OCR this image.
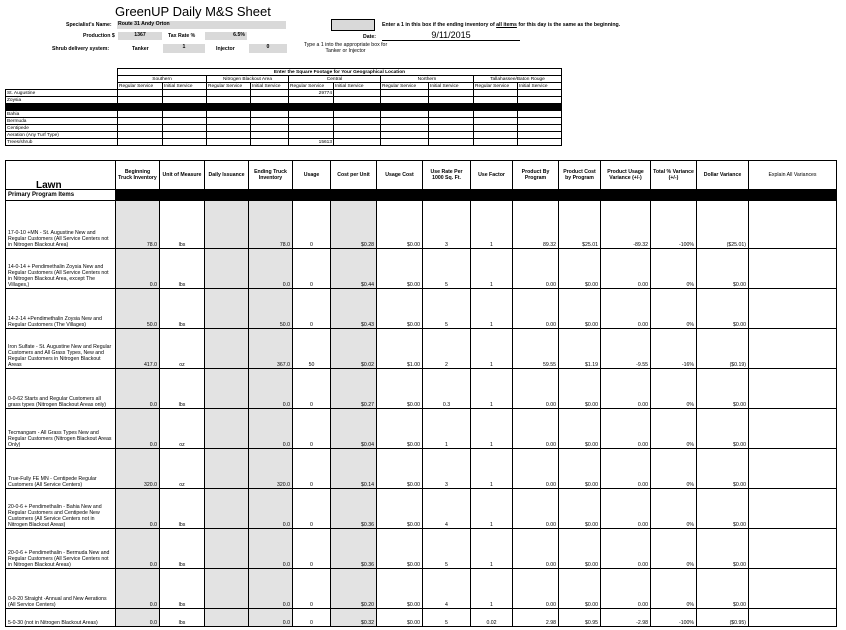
GreenUP Daily M&S Sheet
Specialist's Name: Route 31 Andy Orton
Production $	1367	Tax Rate %	6.5%
Shrub delivery system:	Tanker	1	Injector	0	Type a 1 into the appropriate box for Tanker or Injector
Enter a 1 in this box if the ending inventory of all items for this day is the same as the beginning.
Date:	9/11/2015
	Enter the Square Footage for Your Geographical Location									
	Southern		Nitrogen Blackout Area		Central		Northern		Tallahassee/Baton Rouge	
	Regular Service	Initial Service	Regular Service	Initial Service	Regular Service	Initial Service	Regular Service	Initial Service	Regular Service	Initial Service
St. Augustine					29774					
Zoysia										
Zoysia (The Villages)										
Bahia										
Bermuda										
Centipede										
Aeration (Any Turf Type)										
Trees/shrub					15613					
Lawn	Beginning Truck Inventory	Unit of Measure	Daily Issuance	Ending Truck Inventory	Usage	Cost per Unit	Usage Cost	Use Rate Per 1000 Sq. Ft.	Use Factor	Product By Program	Product Cost by Program	Product Usage Variance (+/-)	Total % Variance (+/-)	Dollar Variance	Explain All Variances
Primary Program Items															
17-0-10 +MN - St. Augustine New and Regular Customers (All Service Centers not in Nitrogen Blackout Area)	78.0	lbs		78.0	0	$0.28	$0.00	3	1	89.32	$25.01	-89.32	-100%	($25.01)	
14-0-14 + Pendimethalin Zoysia New and Regular Customers (All Service Centers not in Nitrogen Blackout Area, except The Villages,)	0.0	lbs		0.0	0	$0.44	$0.00	5	1	0.00	$0.00	0.00	0%	$0.00	
14-2-14 +Pendimethalin Zoysia New and Regular Customers (The Villages)	50.0	lbs		50.0	0	$0.43	$0.00	5	1	0.00	$0.00	0.00	0%	$0.00	
Iron Sulfate - St. Augustine New and Regular Customers and All Grass Types, New and Regular Customers in Nitrogen Blackout Areas	417.0	oz		367.0	50	$0.02	$1.00	2	1	59.55	$1.19	-9.55	-16%	($0.19)	
0-0-62 Starts and Regular Customers all grass types (Nitrogen Blackout Areas only)	0.0	lbs		0.0	0	$0.27	$0.00	0.3	1	0.00	$0.00	0.00	0%	$0.00	
Tecmangam - All Grass Types New and Regular Customers (Nitrogen Blackout Areas Only)	0.0	oz		0.0	0	$0.04	$0.00	1	1	0.00	$0.00	0.00	0%	$0.00	
True-Fully FE MN - Centipede Regular Customers (All Service Centers)	320.0	oz		320.0	0	$0.14	$0.00	3	1	0.00	$0.00	0.00	0%	$0.00	
20-0-6 + Pendimethalin - Bahia New and Regular Customers and Centipede New Customers (All Service Centers not in Nitrogen Blackout Areas)	0.0	lbs		0.0	0	$0.36	$0.00	4	1	0.00	$0.00	0.00	0%	$0.00	
20-0-6 + Pendimethalin - Bermuda New and Regular Customers (All Service Centers not in Nitrogen Blackout Areas)	0.0	lbs		0.0	0	$0.36	$0.00	5	1	0.00	$0.00	0.00	0%	$0.00	
0-0-20 Straight -Annual and New Aerations (All Service Centers)	0.0	lbs		0.0	0	$0.20	$0.00	4	1	0.00	$0.00	0.00	0%	$0.00	
5-0-30 (not in Nitrogen Blackout Areas)	0.0	lbs		0.0	0	$0.32	$0.00	5	0.02	2.98	$0.95	-2.98	-100%	($0.95)	
